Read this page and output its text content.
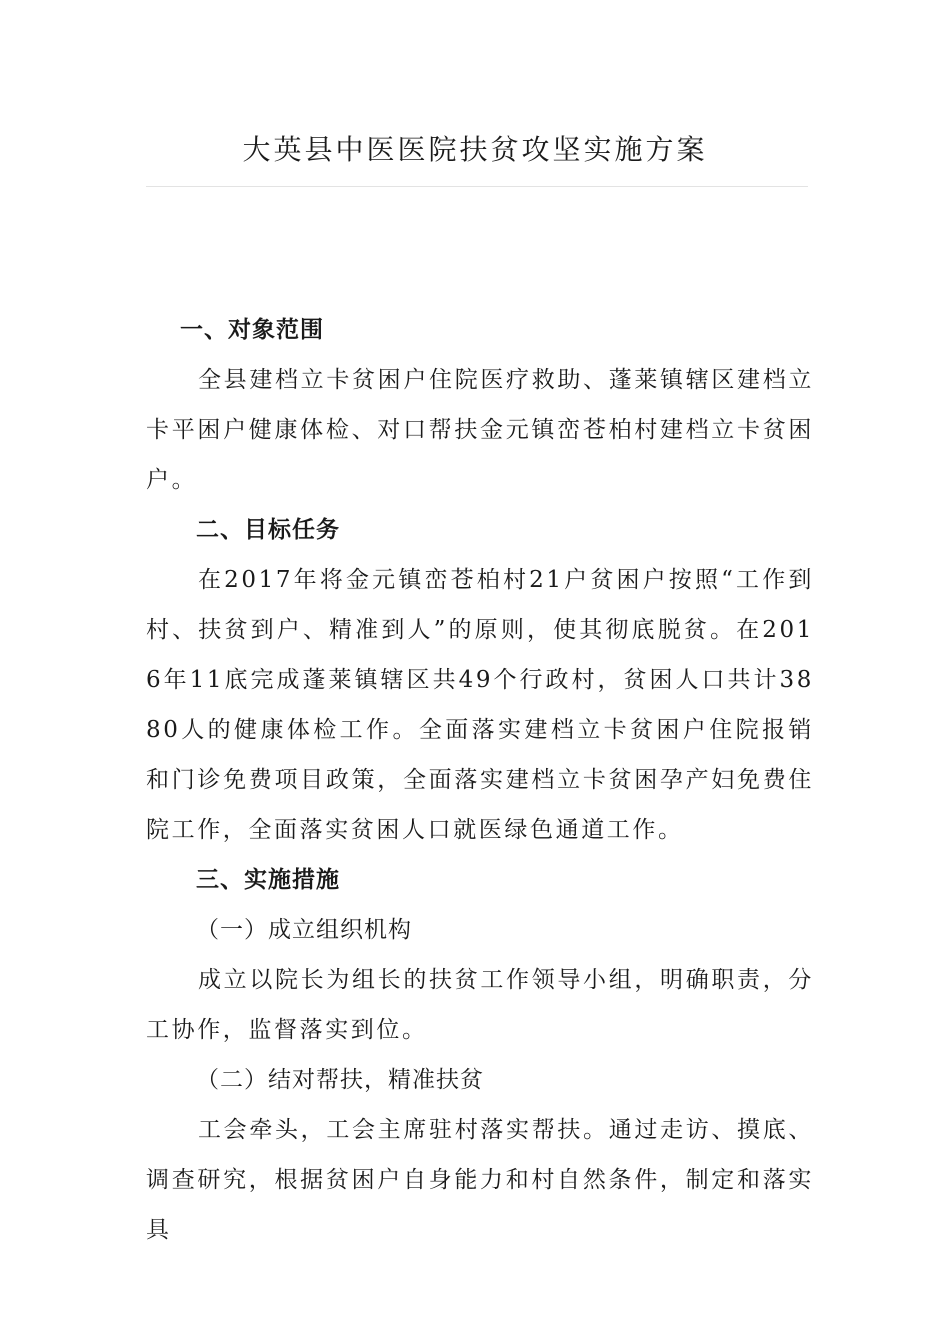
大英县中医医院扶贫攻坚实施方案
一、对象范围

全县建档立卡贫困户住院医疗救助、蓬莱镇辖区建档立卡平困户健康体检、对口帮扶金元镇峦苍柏村建档立卡贫困户。

二、目标任务

在2017年将金元镇峦苍柏村21户贫困户按照“工作到村、扶贫到户、精准到人”的原则，使其彻底脱贫。在2016年11底完成蓬莱镇辖区共49个行政村，贫困人口共计3880人的健康体检工作。全面落实建档立卡贫困户住院报销和门诊免费项目政策，全面落实建档立卡贫困孕产妇免费住院工作，全面落实贫困人口就医绿色通道工作。

三、实施措施
（一）成立组织机构

成立以院长为组长的扶贫工作领导小组，明确职责，分工协作，监督落实到位。

（二）结对帮扶，精准扶贫

工会牵头，工会主席驻村落实帮扶。通过走访、摸底、调查研究，根据贫困户自身能力和村自然条件，制定和落实具
